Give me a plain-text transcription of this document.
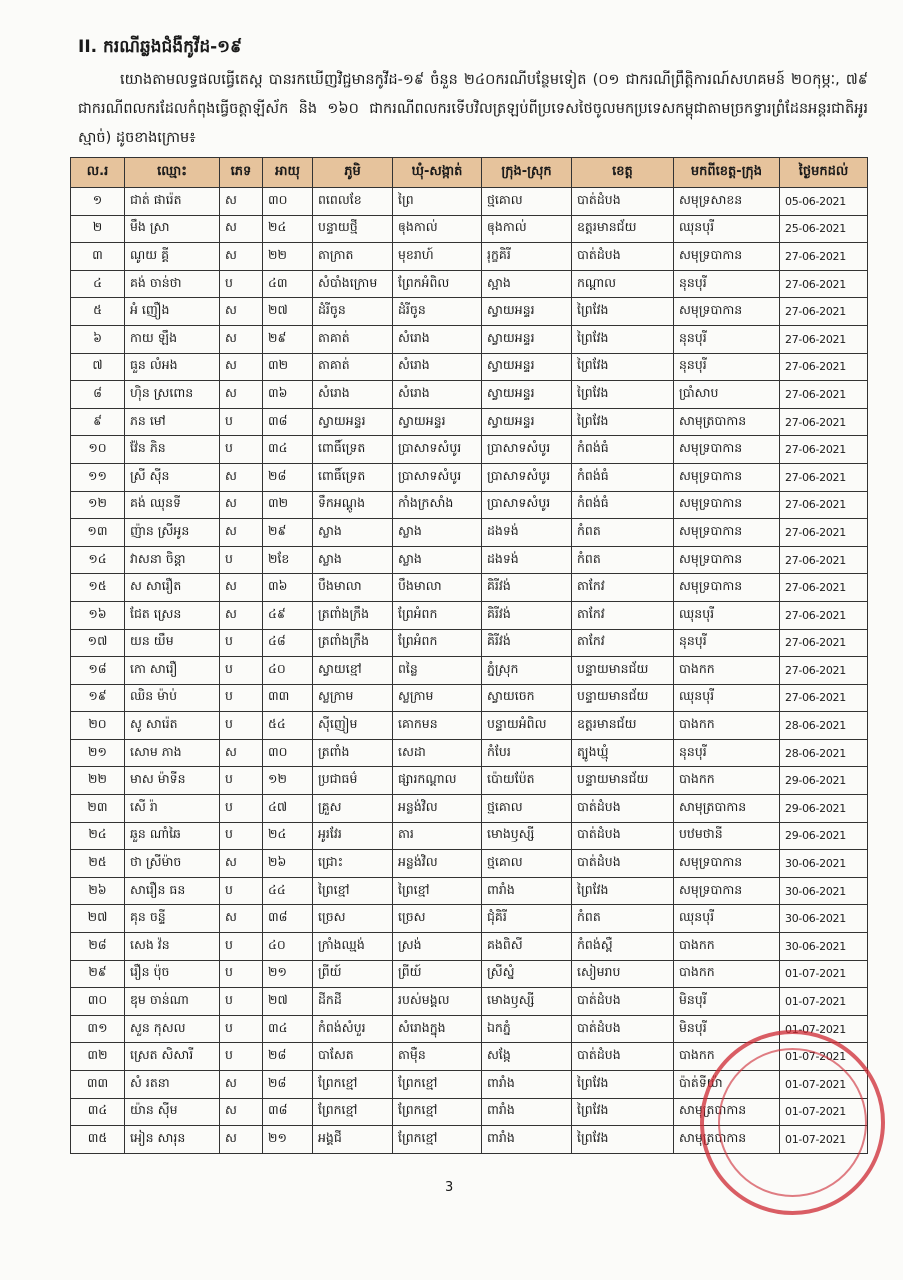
II. ករណីឆ្លងជំងឺកូវីដ-១៩
យោងតាមលទ្ធផលធ្វើតេស្ត បានរកឃើញវិជ្ជមានកូវីដ-១៩ ចំនួន ២៤០ករណីបន្ថែមទៀត (០១ ជាករណីព្រឹត្តិការណ៍សហគមន៍ ២០កុម្ភៈ, ៧៩ ជាករណីពលករដែលកំពុងធ្វើចត្តាឡីស័ក និង ១៦០ ជាករណីពលករទើបវិលត្រឡប់ពីប្រទេសថៃចូលមកប្រទេសកម្ពុជាតាមច្រកទ្វារព្រំដែនអន្តរជាតិអូរស្មាច់) ដូចខាងក្រោម៖
ល.រ	ឈ្មោះ	ភេទ	អាយុ	ភូមិ	ឃុំ-សង្កាត់	ក្រុង-ស្រុក	ខេត្ត	មកពីខេត្ត-ក្រុង	ថ្ងៃមកដល់
១	ជាត់ ផារ៉េត	ស	៣០	ពពេលខែ	ព្រៃ	ថ្មគោល	បាត់ដំបង	សមុទ្រសាខន	05-06-2021
២	មឹង ស្រា	ស	២៤	បន្ទាយថ្មី	ឲុងកាល់	ឲុងកាល់	ឧត្តរមានជ័យ	ឈុនបុរី	25-06-2021
៣	ណូយ គ្គី	ស	២២	តាក្រាត	មុខរាហ៍	រុក្ខគិរី	បាត់ដំបង	សមុទ្របាកាន	27-06-2021
៤	គង់ ចាន់ថា	ប	៤៣	សំបាំងក្រោម	ព្រែកអំពិល	ស្អាង	កណ្ដាល	នុនបុរី	27-06-2021
៥	អំ ញឿង	ស	២៧	ដំរីចូន	ដំរីចូន	ស្វាយអន្ទរ	ព្រៃវែង	សមុទ្របាកាន	27-06-2021
៦	កាយ ឡឹង	ស	២៩	តាគាត់	សំរោង	ស្វាយអន្ទរ	ព្រៃវែង	នុនបុរី	27-06-2021
៧	ធួន លំអង	ស	៣២	តាគាត់	សំរោង	ស្វាយអន្ទរ	ព្រៃវែង	នុនបុរី	27-06-2021
៨	ហ៊ិន ស្រពោន	ស	៣៦	សំរោង	សំរោង	ស្វាយអន្ទរ	ព្រៃវែង	ប្រាំសាប	27-06-2021
៩	ភន មៅ	ប	៣៨	ស្វាយអន្ទរ	ស្វាយអន្ទរ	ស្វាយអន្ទរ	ព្រៃវែង	សាមុត្របាកាន	27-06-2021
១០	វ៉ែន ភិន	ប	៣៤	ពោធិ៍ទ្រេត	ប្រាសាទសំបូរ	ប្រាសាទសំបូរ	កំពង់ធំ	សមុទ្របាកាន	27-06-2021
១១	ស្រី ស៊ីន	ស	២៨	ពោធិ៍ទ្រេត	ប្រាសាទសំបូរ	ប្រាសាទសំបូរ	កំពង់ធំ	សមុទ្របាកាន	27-06-2021
១២	គង់ ឈុនទី	ស	៣២	ទឹកអណ្ដូង	កាំងក្រសាំង	ប្រាសាទសំបូរ	កំពង់ធំ	សមុទ្របាកាន	27-06-2021
១៣	ញ៉ាន ស្រីអូន	ស	២៩	ស្លាង	ស្លាង	ដងទង់	កំពត	សមុទ្របាកាន	27-06-2021
១៤	វាសនា ចិន្តា	ប	២ខែ	ស្លាង	ស្លាង	ដងទង់	កំពត	សមុទ្របាកាន	27-06-2021
១៥	ស សារឿត	ស	៣៦	បឹងមាលា	បឹងមាលា	គិរីវង់	តាកែវ	សមុទ្របាកាន	27-06-2021
១៦	ជែត ស្រេន	ស	៤៩	ត្រពាំងក្រឹង	ព្រែអំពក	គិរីវង់	តាកែវ	ឈុនបុរី	27-06-2021
១៧	យន យឹម	ប	៤៨	ត្រពាំងក្រឹង	ព្រែអំពក	គិរីវង់	តាកែវ	នុនបុរី	27-06-2021
១៨	កោ សារឿ	ប	៤០	ស្វាយខ្មៅ	ពន្លៃ	ភ្នំស្រុក	បន្ទាយមានជ័យ	បាងកក	27-06-2021
១៩	ឈិន ម៉ាប់	ប	៣៣	ស្លក្រាម	ស្លក្រាម	ស្វាយចេក	បន្ទាយមានជ័យ	ឈុនបុរី	27-06-2021
២០	សូ សារ៉េត	ប	៥៤	ស៊ីញៀម	គោកមន	បន្ទាយអំពិល	ឧត្តរមានជ័យ	បាងកក	28-06-2021
២១	សោម ភាង	ស	៣០	ត្រពាំង	សេដា	កំបែរ	ត្បូងឃ្មុំ	នុនបុរី	28-06-2021
២២	មាស ម៉ាទីន	ប	១២	ប្រជាធម៌	ផ្សារកណ្ដាល	ប៉ោយប៉ែត	បន្ទាយមានជ័យ	បាងកក	29-06-2021
២៣	សើ រ៉ា	ប	៤៧	គ្រួស	អន្លង់វិល	ថ្មគោល	បាត់ដំបង	សាមុត្របាកាន	29-06-2021
២៤	ឆួន ណាំឆៃ	ប	២៤	អូរវែរ	តារ	មោងឫស្សី	បាត់ដំបង	បឋមថានី	29-06-2021
២៥	ថា ស្រីម៉ាច	ស	២៦	ជ្រោះ	អន្លង់វិល	ថ្មគោល	បាត់ដំបង	សមុទ្របាកាន	30-06-2021
២៦	សារឿន ធន	ប	៤៤	ព្រៃខ្មៅ	ព្រៃខ្មៅ	ពារាំង	ព្រៃវែង	សមុទ្របាកាន	30-06-2021
២៧	គុន ចន្ទី	ស	៣៨	ច្រេស	ច្រេស	ជុំគិរី	កំពត	ឈុនបុរី	30-06-2021
២៨	សេង វ៉ន	ប	៤០	ក្រាំងឈ្មង់	ស្រង់	គងពិសី	កំពង់ស្ពឺ	បាងកក	30-06-2021
២៩	រឿន ប៉ុច	ប	២១	ព្រីយ៍	ព្រីយ៍	ស្រីស្នំ	សៀមរាប	បាងកក	01-07-2021
៣០	ឌុម ចាន់ណា	ប	២៧	ដីកដី	របស់មង្គល	មោងឫស្សី	បាត់ដំបង	មិនបុរី	01-07-2021
៣១	សួន កុសល	ប	៣៤	កំពង់សំបួរ	សំរោងក្នុង	ឯកភ្នំ	បាត់ដំបង	មិនបុរី	01-07-2021
៣២	ស្រេត សិសារី	ប	២៨	បាសែត	តាម៉ឺន	សង្កែ	បាត់ដំបង	បាងកក	01-07-2021
៣៣	សំ រតនា	ស	២៨	ព្រែកខ្មៅ	ព្រែកខ្មៅ	ពារាំង	ព្រៃវែង	ប៉ាត់ទីយ៉ា	01-07-2021
៣៤	យ៉ាន ស៊ីម	ស	៣៨	ព្រែកខ្មៅ	ព្រែកខ្មៅ	ពារាំង	ព្រៃវែង	សាមុត្របាកាន	01-07-2021
៣៥	អៀន សារុន	ស	២១	អង្គជី	ព្រែកខ្មៅ	ពារាំង	ព្រៃវែង	សាមុត្របាកាន	01-07-2021
3
